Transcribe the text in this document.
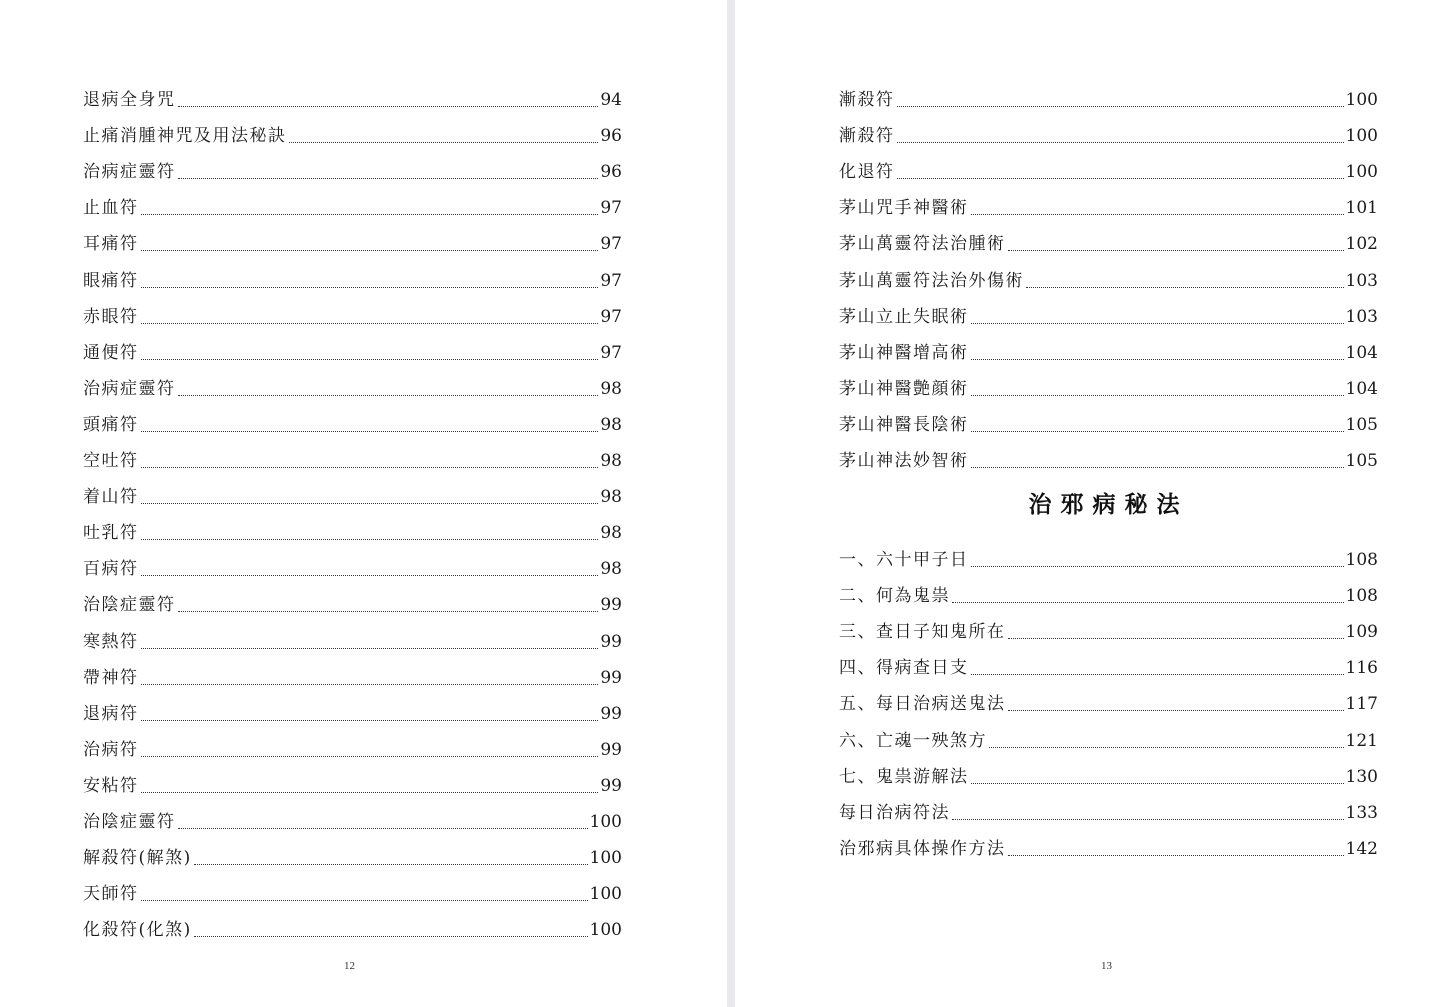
退病全身咒	94
止痛消腫神咒及用法秘訣	96
治病症靈符	96
止血符	97
耳痛符	97
眼痛符	97
赤眼符	97
通便符	97
治病症靈符	98
頭痛符	98
空吐符	98
着山符	98
吐乳符	98
百病符	98
治陰症靈符	99
寒熱符	99
帶神符	99
退病符	99
治病符	99
安粘符	99
治陰症靈符	100
解殺符(解煞)	100
天師符	100
化殺符(化煞)	100
12
漸殺符	100
漸殺符	100
化退符	100
茅山咒手神醫術	101
茅山萬靈符法治腫術	102
茅山萬靈符法治外傷術	103
茅山立止失眠術	103
茅山神醫增高術	104
茅山神醫艶顔術	104
茅山神醫長陰術	105
茅山神法妙智術	105
治邪病秘法
一、六十甲子日	108
二、何為鬼祟	108
三、查日子知鬼所在	109
四、得病查日支	116
五、每日治病送鬼法	117
六、亡魂一殃煞方	121
七、鬼祟游解法	130
每日治病符法	133
治邪病具体操作方法	142
13
